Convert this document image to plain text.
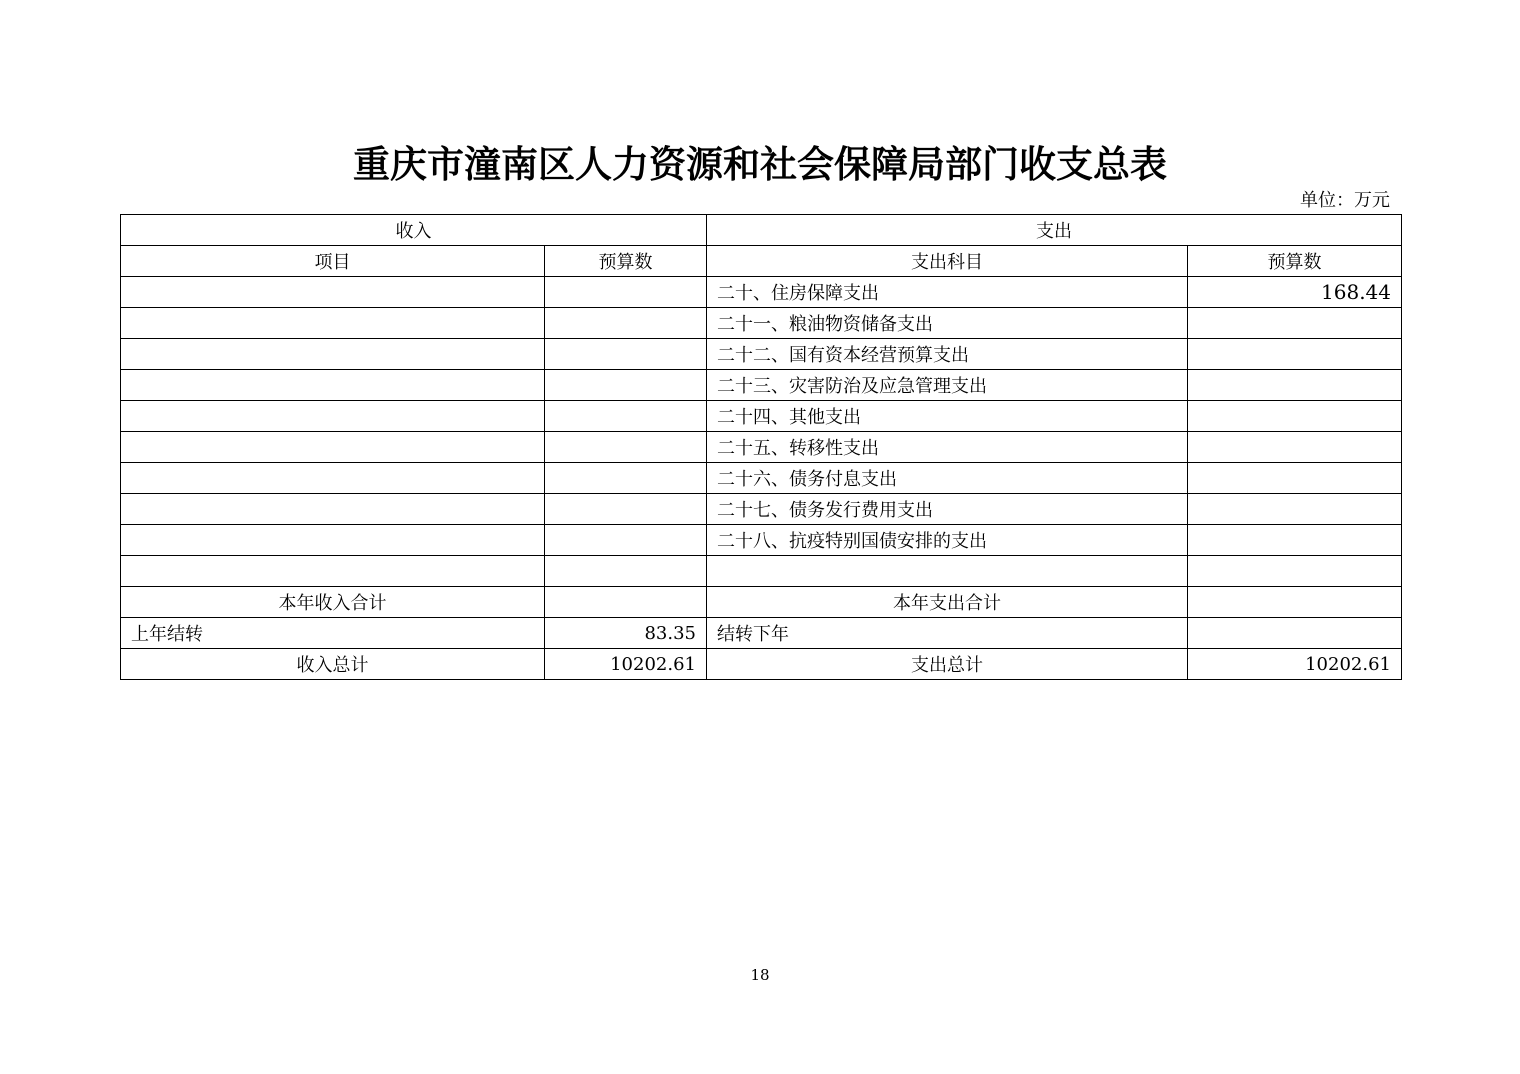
重庆市潼南区人力资源和社会保障局部门收支总表
单位：万元
收入		支出	
项目	预算数	支出科目	预算数
		二十、住房保障支出	168.44
		二十一、粮油物资储备支出	
		二十二、国有资本经营预算支出	
		二十三、灾害防治及应急管理支出	
		二十四、其他支出	
		二十五、转移性支出	
		二十六、债务付息支出	
		二十七、债务发行费用支出	
		二十八、抗疫特别国债安排的支出	

本年收入合计		本年支出合计	
上年结转	83.35	结转下年	
收入总计	10202.61	支出总计	10202.61
18
